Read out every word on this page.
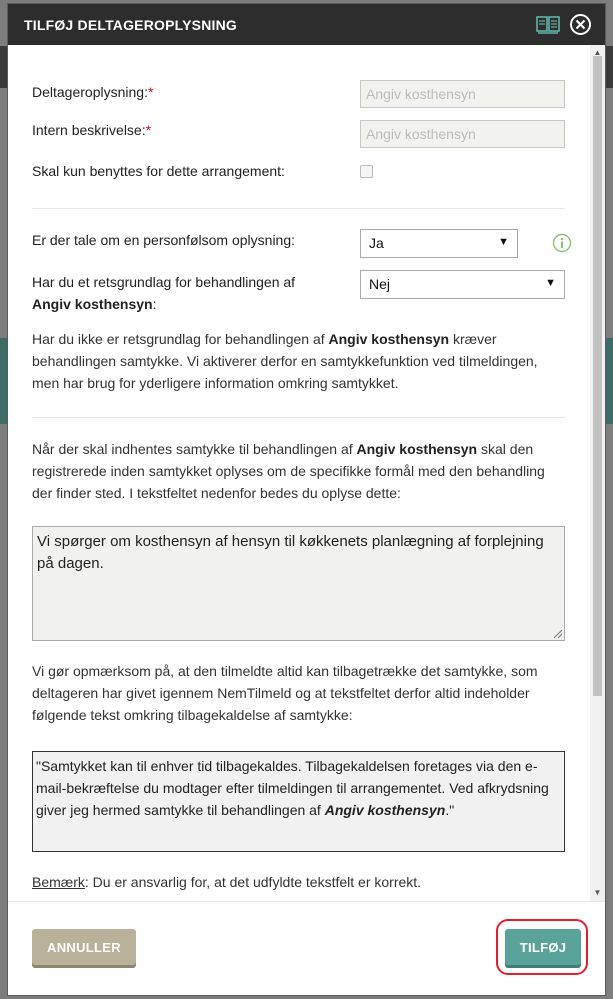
TILFØJ DELTAGEROPLYSNING
Deltageroplysning:*
Angiv kosthensyn
Intern beskrivelse:*
Angiv kosthensyn
Skal kun benyttes for dette arrangement:
Er der tale om en personfølsom oplysning:	Ja	▼
Har du et retsgrundlag for behandlingen af
Angiv kosthensyn:
Nej	▼
Har du ikke er retsgrundlag for behandlingen af Angiv kosthensyn kræver behandlingen samtykke. Vi aktiverer derfor en samtykkefunktion ved tilmeldingen, men har brug for yderligere information omkring samtykket.
Når der skal indhentes samtykke til behandlingen af Angiv kosthensyn skal den registrerede inden samtykket oplyses om de specifikke formål med den behandling der finder sted. I tekstfeltet nedenfor bedes du oplyse dette:
Vi spørger om kosthensyn af hensyn til køkkenets planlægning af forplejning på dagen.
Vi gør opmærksom på, at den tilmeldte altid kan tilbagetrække det samtykke, som deltageren har givet igennem NemTilmeld og at tekstfeltet derfor altid indeholder følgende tekst omkring tilbagekaldelse af samtykke:
"Samtykket kan til enhver tid tilbagekaldes. Tilbagekaldelsen foretages via den e-mail-bekræftelse du modtager efter tilmeldingen til arrangementet. Ved afkrydsning giver jeg hermed samtykke til behandlingen af Angiv kosthensyn."
Bemærk: Du er ansvarlig for, at det udfyldte tekstfelt er korrekt.
▲
▼
ANNULLER	TILFØJ
